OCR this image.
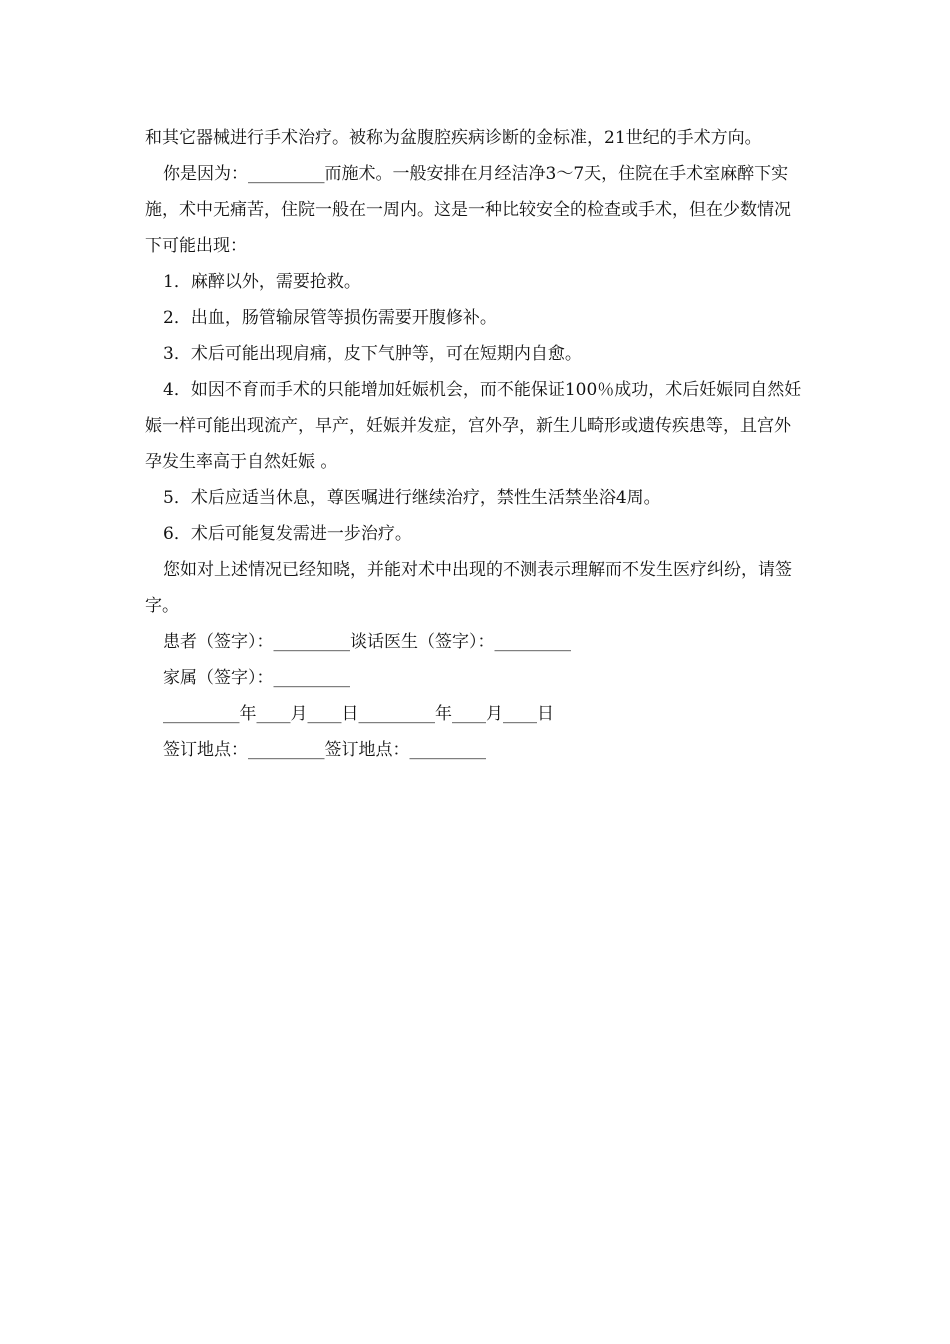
和其它器械进行手术治疗。被称为盆腹腔疾病诊断的金标准，21世纪的手术方向。

你是因为：_________而施术。一般安排在月经洁净3～7天，住院在手术室麻醉下实施，术中无痛苦，住院一般在一周内。这是一种比较安全的检查或手术，但在少数情况下可能出现：

1．麻醉以外，需要抢救。

2．出血，肠管输尿管等损伤需要开腹修补。

3．术后可能出现肩痛，皮下气肿等，可在短期内自愈。

4．如因不育而手术的只能增加妊娠机会，而不能保证100％成功，术后妊娠同自然妊娠一样可能出现流产，早产，妊娠并发症，宫外孕，新生儿畸形或遗传疾患等，且宫外孕发生率高于自然妊娠 。

5．术后应适当休息，尊医嘱进行继续治疗，禁性生活禁坐浴4周。

6．术后可能复发需进一步治疗。

您如对上述情况已经知晓，并能对术中出现的不测表示理解而不发生医疗纠纷，请签字。

患者（签字）：_________谈话医生（签字）：_________

家属（签字）：_________

_________年____月____日_________年____月____日

签订地点：_________签订地点：_________
